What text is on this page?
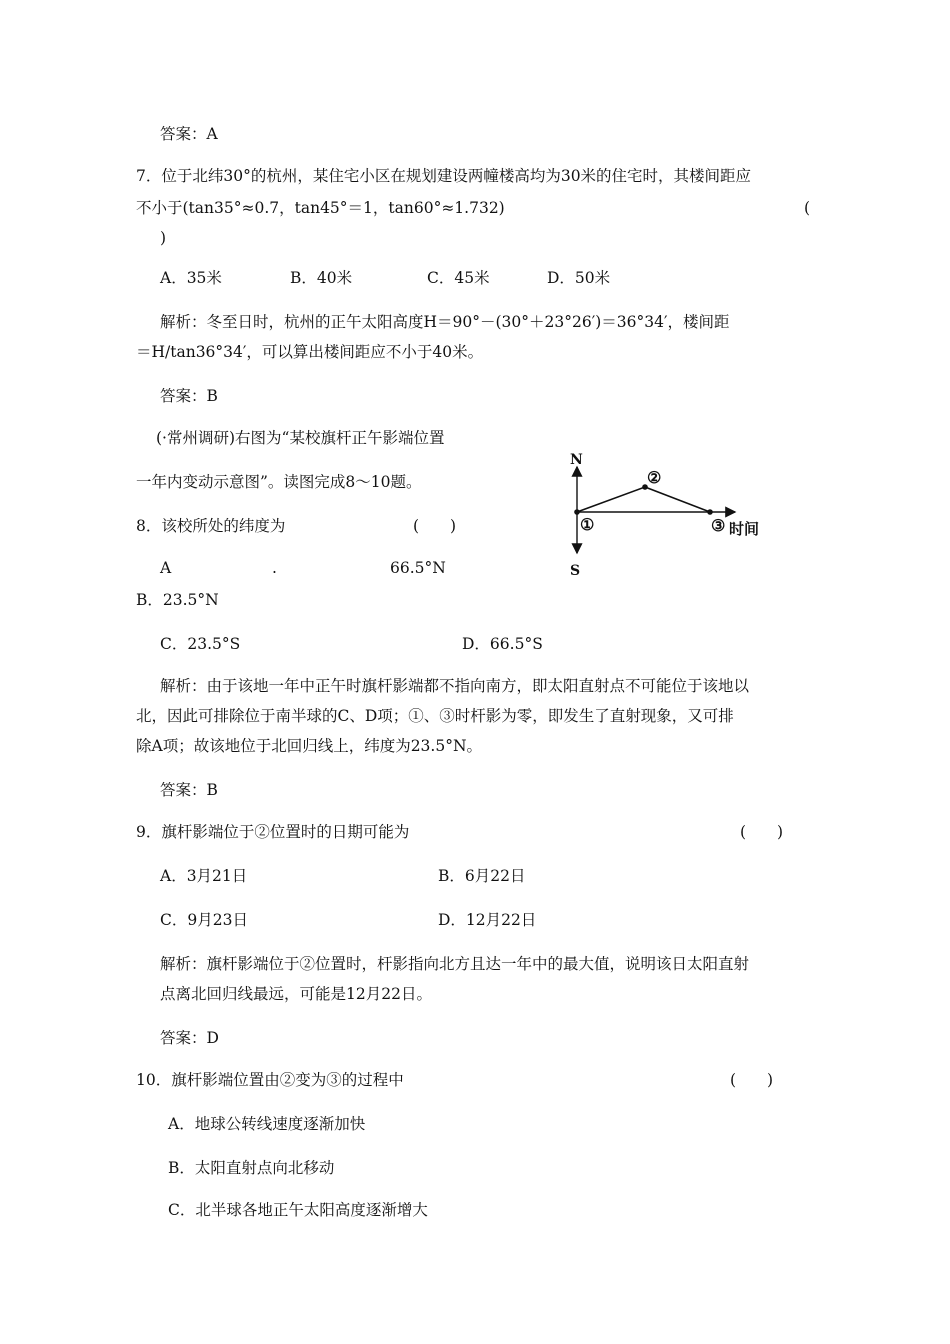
答案：A
7．位于北纬30°的杭州，某住宅小区在规划建设两幢楼高均为30米的住宅时，其楼间距应
不小于(tan35°≈0.7，tan45°＝1，tan60°≈1.732)	(
)
A．35米	B．40米	C．45米	D．50米
解析：冬至日时，杭州的正午太阳高度H＝90°－(30°＋23°26′)＝36°34′，楼间距
＝H/tan36°34′，可以算出楼间距应不小于40米。
答案：B
(·常州调研)右图为“某校旗杆正午影端位置
一年内变动示意图”。读图完成8～10题。
N
S
①
②
③ 时间
8．该校所处的纬度为	(　　)
A	.	66.5°N
B．23.5°N
C．23.5°S	D．66.5°S
解析：由于该地一年中正午时旗杆影端都不指向南方，即太阳直射点不可能位于该地以
北，因此可排除位于南半球的C、D项；①、③时杆影为零，即发生了直射现象，又可排
除A项；故该地位于北回归线上，纬度为23.5°N。
答案：B
9．旗杆影端位于②位置时的日期可能为	(　　)
A．3月21日	B．6月22日
C．9月23日	D．12月22日
解析：旗杆影端位于②位置时，杆影指向北方且达一年中的最大值，说明该日太阳直射
点离北回归线最远，可能是12月22日。
答案：D
10．旗杆影端位置由②变为③的过程中	(　　)
A．地球公转线速度逐渐加快
B．太阳直射点向北移动
C．北半球各地正午太阳高度逐渐增大
